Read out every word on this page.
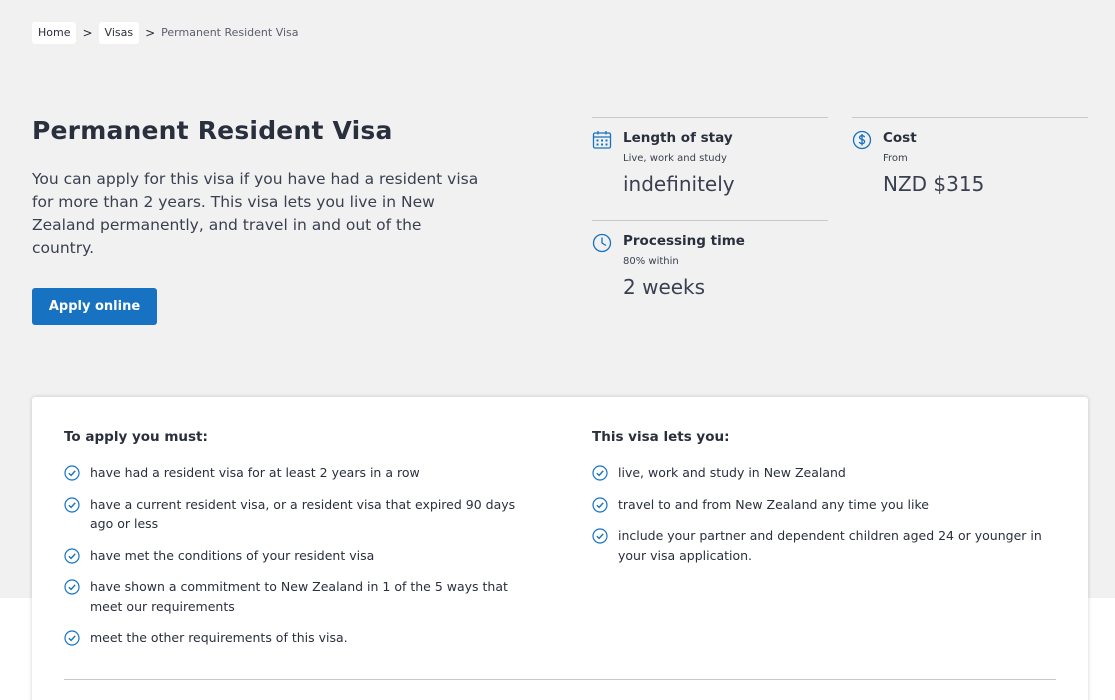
Home	>	Visas	> Permanent Resident Visa
Permanent Resident Visa

You can apply for this visa if you have had a resident visa for more than 2 years. This visa lets you live in New Zealand permanently, and travel in and out of the country.

Apply online
Length of stay
Live, work and study
indefinitely
Cost
From
NZD $315
Processing time
80% within
2 weeks
To apply you must:
have had a resident visa for at least 2 years in a row
have a current resident visa, or a resident visa that expired 90 days ago or less
have met the conditions of your resident visa
have shown a commitment to New Zealand in 1 of the 5 ways that meet our requirements
meet the other requirements of this visa.
This visa lets you:
live, work and study in New Zealand
travel to and from New Zealand any time you like
include your partner and dependent children aged 24 or younger in your visa application.
